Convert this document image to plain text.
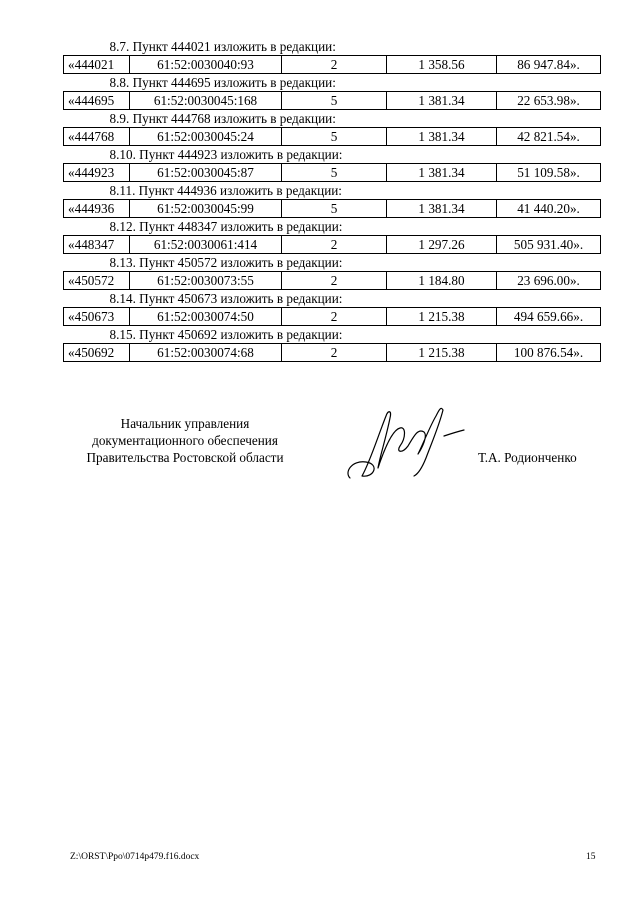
8.7. Пункт 444021 изложить в редакции:				
«444021	61:52:0030040:93	2	1 358.56	86 947.84».
8.8. Пункт 444695 изложить в редакции:				
«444695	61:52:0030045:168	5	1 381.34	22 653.98».
8.9. Пункт 444768 изложить в редакции:				
«444768	61:52:0030045:24	5	1 381.34	42 821.54».
8.10. Пункт 444923 изложить в редакции:				
«444923	61:52:0030045:87	5	1 381.34	51 109.58».
8.11. Пункт 444936 изложить в редакции:				
«444936	61:52:0030045:99	5	1 381.34	41 440.20».
8.12. Пункт 448347 изложить в редакции:				
«448347	61:52:0030061:414	2	1 297.26	505 931.40».
8.13. Пункт 450572 изложить в редакции:				
«450572	61:52:0030073:55	2	1 184.80	23 696.00».
8.14. Пункт 450673 изложить в редакции:				
«450673	61:52:0030074:50	2	1 215.38	494 659.66».
8.15. Пункт 450692 изложить в редакции:				
«450692	61:52:0030074:68	2	1 215.38	100 876.54».
Начальник управления
документационного обеспечения
Правительства Ростовской области	Т.А. Родионченко
Z:\ORST\Ppo\0714p479.f16.docx	15
